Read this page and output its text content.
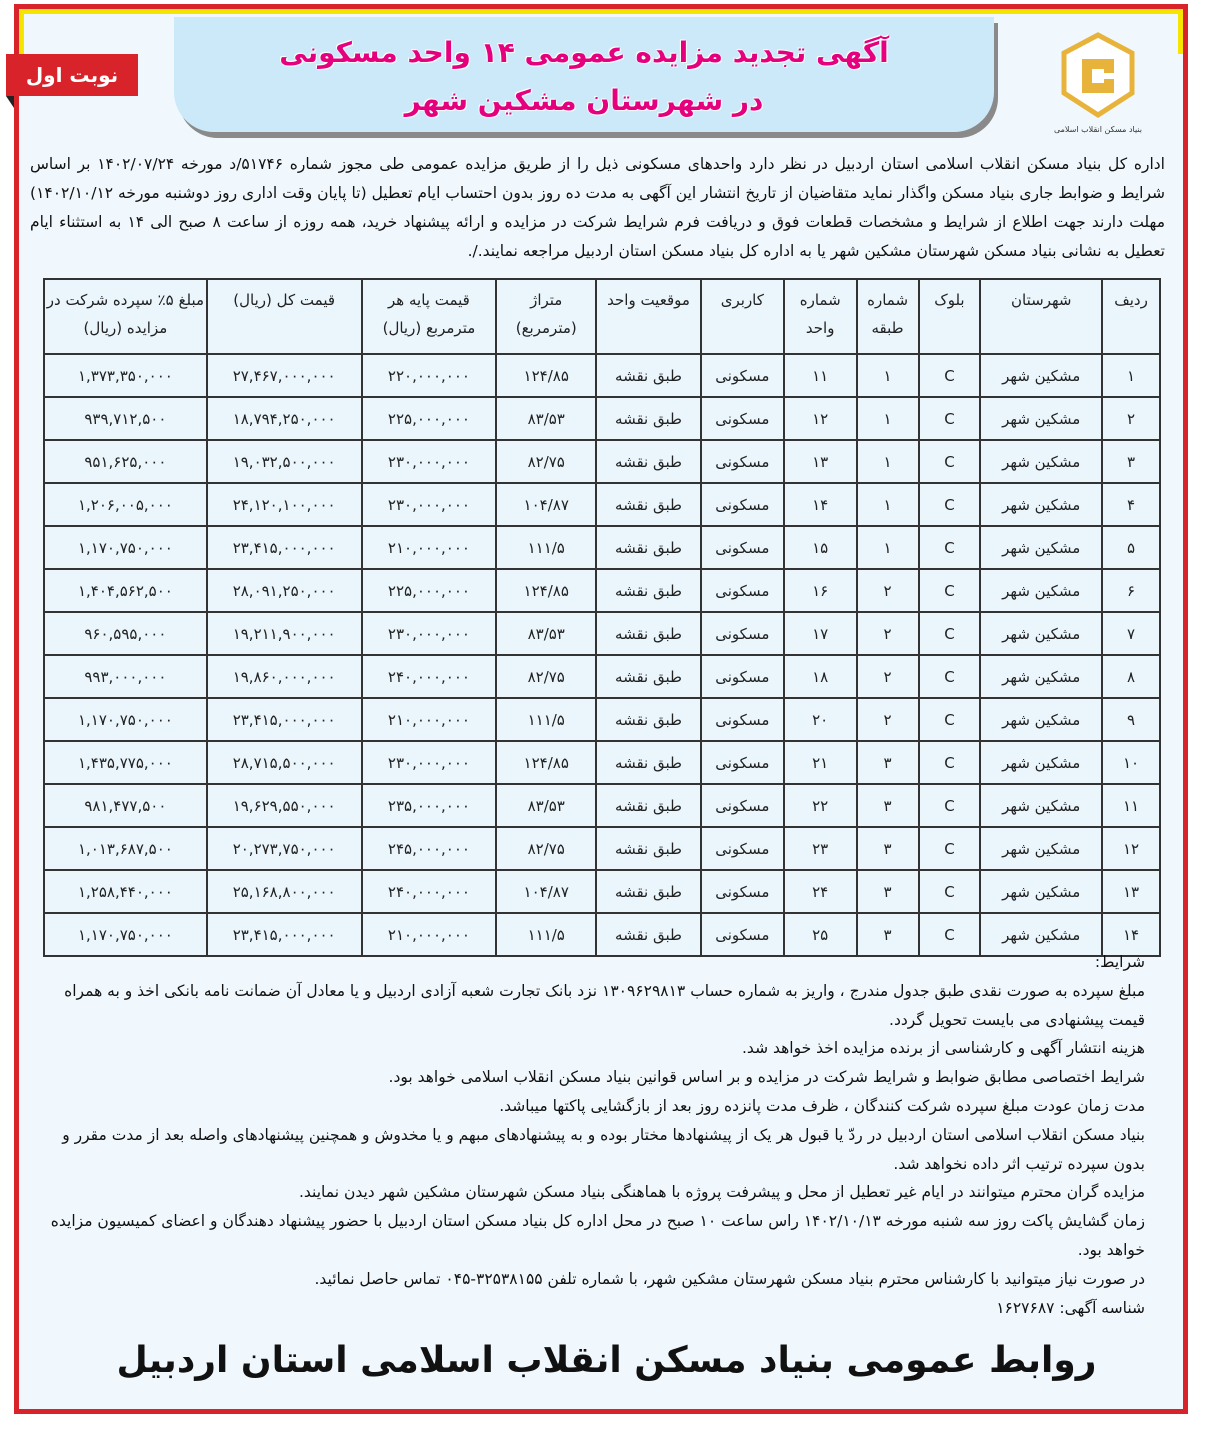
آگهی تجدید مزایده عمومی ۱۴ واحد مسکونی
در شهرستان مشکین شهر
بنیاد مسکن انقلاب اسلامی
نوبت اول
اداره کل بنیاد مسکن انقلاب اسلامی استان اردبیل در نظر دارد واحدهای مسکونی ذیل را از طریق مزایده عمومی طی مجوز شماره ۵۱۷۴۶/د مورخه ۱۴۰۲/۰۷/۲۴ بر اساس شرایط و ضوابط جاری بنیاد مسکن واگذار نماید متقاضیان از تاریخ انتشار این آگهی به مدت ده روز بدون احتساب ایام تعطیل (تا پایان وقت اداری روز دوشنبه مورخه ۱۴۰۲/۱۰/۱۲) مهلت دارند جهت اطلاع از شرایط و مشخصات قطعات فوق و دریافت فرم شرایط شرکت در مزایده و ارائه پیشنهاد خرید، همه روزه از ساعت ۸ صبح الی ۱۴ به استثناء ایام تعطیل به نشانی بنیاد مسکن شهرستان مشکین شهر یا به اداره کل بنیاد مسکن استان اردبیل مراجعه نمایند./.
ردیف	شهرستان	بلوک	شماره طبقه	شماره واحد	کاربری	موقعیت واحد	متراژ (مترمربع)	قیمت پایه هر مترمربع (ریال)	قیمت کل (ریال)	مبلغ ۵٪ سپرده شرکت در مزایده (ریال)
۱	مشکین شهر	C	۱	۱۱	مسکونی	طبق نقشه	۱۲۴/۸۵	۲۲۰,۰۰۰,۰۰۰	۲۷,۴۶۷,۰۰۰,۰۰۰	۱,۳۷۳,۳۵۰,۰۰۰
۲	مشکین شهر	C	۱	۱۲	مسکونی	طبق نقشه	۸۳/۵۳	۲۲۵,۰۰۰,۰۰۰	۱۸,۷۹۴,۲۵۰,۰۰۰	۹۳۹,۷۱۲,۵۰۰
۳	مشکین شهر	C	۱	۱۳	مسکونی	طبق نقشه	۸۲/۷۵	۲۳۰,۰۰۰,۰۰۰	۱۹,۰۳۲,۵۰۰,۰۰۰	۹۵۱,۶۲۵,۰۰۰
۴	مشکین شهر	C	۱	۱۴	مسکونی	طبق نقشه	۱۰۴/۸۷	۲۳۰,۰۰۰,۰۰۰	۲۴,۱۲۰,۱۰۰,۰۰۰	۱,۲۰۶,۰۰۵,۰۰۰
۵	مشکین شهر	C	۱	۱۵	مسکونی	طبق نقشه	۱۱۱/۵	۲۱۰,۰۰۰,۰۰۰	۲۳,۴۱۵,۰۰۰,۰۰۰	۱,۱۷۰,۷۵۰,۰۰۰
۶	مشکین شهر	C	۲	۱۶	مسکونی	طبق نقشه	۱۲۴/۸۵	۲۲۵,۰۰۰,۰۰۰	۲۸,۰۹۱,۲۵۰,۰۰۰	۱,۴۰۴,۵۶۲,۵۰۰
۷	مشکین شهر	C	۲	۱۷	مسکونی	طبق نقشه	۸۳/۵۳	۲۳۰,۰۰۰,۰۰۰	۱۹,۲۱۱,۹۰۰,۰۰۰	۹۶۰,۵۹۵,۰۰۰
۸	مشکین شهر	C	۲	۱۸	مسکونی	طبق نقشه	۸۲/۷۵	۲۴۰,۰۰۰,۰۰۰	۱۹,۸۶۰,۰۰۰,۰۰۰	۹۹۳,۰۰۰,۰۰۰
۹	مشکین شهر	C	۲	۲۰	مسکونی	طبق نقشه	۱۱۱/۵	۲۱۰,۰۰۰,۰۰۰	۲۳,۴۱۵,۰۰۰,۰۰۰	۱,۱۷۰,۷۵۰,۰۰۰
۱۰	مشکین شهر	C	۳	۲۱	مسکونی	طبق نقشه	۱۲۴/۸۵	۲۳۰,۰۰۰,۰۰۰	۲۸,۷۱۵,۵۰۰,۰۰۰	۱,۴۳۵,۷۷۵,۰۰۰
۱۱	مشکین شهر	C	۳	۲۲	مسکونی	طبق نقشه	۸۳/۵۳	۲۳۵,۰۰۰,۰۰۰	۱۹,۶۲۹,۵۵۰,۰۰۰	۹۸۱,۴۷۷,۵۰۰
۱۲	مشکین شهر	C	۳	۲۳	مسکونی	طبق نقشه	۸۲/۷۵	۲۴۵,۰۰۰,۰۰۰	۲۰,۲۷۳,۷۵۰,۰۰۰	۱,۰۱۳,۶۸۷,۵۰۰
۱۳	مشکین شهر	C	۳	۲۴	مسکونی	طبق نقشه	۱۰۴/۸۷	۲۴۰,۰۰۰,۰۰۰	۲۵,۱۶۸,۸۰۰,۰۰۰	۱,۲۵۸,۴۴۰,۰۰۰
۱۴	مشکین شهر	C	۳	۲۵	مسکونی	طبق نقشه	۱۱۱/۵	۲۱۰,۰۰۰,۰۰۰	۲۳,۴۱۵,۰۰۰,۰۰۰	۱,۱۷۰,۷۵۰,۰۰۰
شرایط:
مبلغ سپرده به صورت نقدی طبق جدول مندرج ، واریز به شماره حساب ۱۳۰۹۶۲۹۸۱۳ نزد بانک تجارت شعبه آزادی اردبیل و یا معادل آن ضمانت نامه بانکی اخذ و به همراه قیمت پیشنهادی می بایست تحویل گردد.
هزینه انتشار آگهی و کارشناسی از برنده مزایده اخذ خواهد شد.
شرایط اختصاصی مطابق ضوابط و شرایط شرکت در مزایده و بر اساس قوانین بنیاد مسکن انقلاب اسلامی خواهد بود.
مدت زمان عودت مبلغ سپرده شرکت کنندگان ، ظرف مدت پانزده روز بعد از بازگشایی پاکتها میباشد.
بنیاد مسکن انقلاب اسلامی استان اردبیل در ردّ یا قبول هر یک از پیشنهادها مختار بوده و به پیشنهادهای مبهم و یا مخدوش و همچنین پیشنهادهای واصله بعد از مدت مقرر و بدون سپرده ترتیب اثر داده نخواهد شد.
مزایده گران محترم میتوانند در ایام غیر تعطیل از محل و پیشرفت پروژه با هماهنگی بنیاد مسکن شهرستان مشکین شهر دیدن نمایند.
زمان گشایش پاکت روز سه شنبه مورخه ۱۴۰۲/۱۰/۱۳ راس ساعت ۱۰ صبح در محل اداره کل بنیاد مسکن استان اردبیل با حضور پیشنهاد دهندگان و اعضای کمیسیون مزایده خواهد بود.
در صورت نیاز میتوانید با کارشناس محترم بنیاد مسکن شهرستان مشکین شهر، با شماره تلفن ۳۲۵۳۸۱۵۵-۰۴۵ تماس حاصل نمائید.
شناسه آگهی: ۱۶۲۷۶۸۷
روابط عمومی بنیاد مسکن انقلاب اسلامی استان اردبیل
